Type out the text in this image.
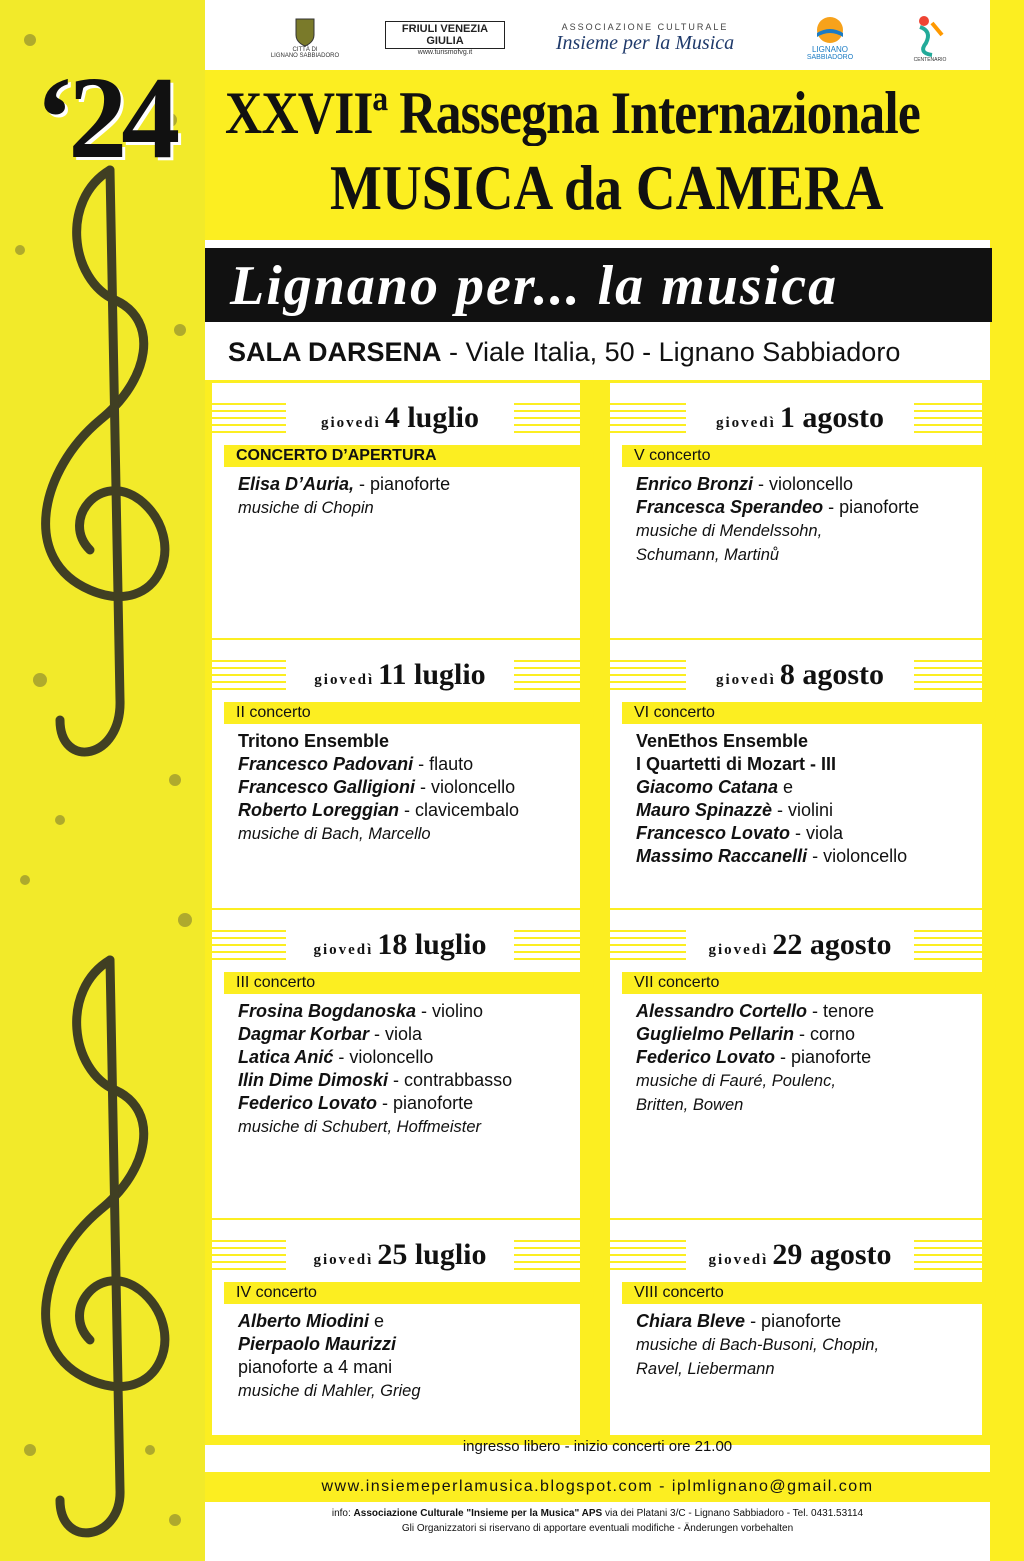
‘24
CITTÀ DI
LIGNANO SABBIADORO
FRIULI VENEZIA GIULIA
www.turismofvg.it
ASSOCIAZIONE CULTURALE
Insieme per la Musica	LIGNANO
SABBIADORO	CENTENARIO
XXVIIª Rassegna Internazionale
MUSICA da CAMERA
Lignano per... la musica
SALA DARSENA - Viale Italia, 50 - Lignano Sabbiadoro
giovedì 4 luglio
CONCERTO D’APERTURA
Elisa D’Auria, - pianoforte
musiche di Chopin
giovedì 11 luglio
II concerto
Tritono Ensemble
Francesco Padovani - flauto
Francesco Galligioni - violoncello
Roberto Loreggian - clavicembalo
musiche di Bach, Marcello
giovedì 18 luglio
III concerto
Frosina Bogdanoska - violino
Dagmar Korbar - viola
Latica Anić - violoncello
Ilin Dime Dimoski - contrabbasso
Federico Lovato - pianoforte
musiche di Schubert, Hoffmeister
giovedì 25 luglio
IV concerto
Alberto Miodini e
Pierpaolo Maurizzi
pianoforte a 4 mani
musiche di Mahler, Grieg
giovedì 1 agosto
V concerto
Enrico Bronzi - violoncello
Francesca Sperandeo - pianoforte
musiche di Mendelssohn,
Schumann, Martinů
giovedì 8 agosto
VI concerto
VenEthos Ensemble
I Quartetti di Mozart - III
Giacomo Catana e
Mauro Spinazzè - violini
Francesco Lovato - viola
Massimo Raccanelli - violoncello
giovedì 22 agosto
VII concerto
Alessandro Cortello - tenore
Guglielmo Pellarin - corno
Federico Lovato - pianoforte
musiche di Fauré, Poulenc,
Britten, Bowen
giovedì 29 agosto
VIII concerto
Chiara Bleve - pianoforte
musiche di Bach-Busoni, Chopin,
Ravel, Liebermann
ingresso libero - inizio concerti ore 21.00
www.insiemeperlamusica.blogspot.com - iplmlignano@gmail.com
info: Associazione Culturale "Insieme per la Musica" APS via dei Platani 3/C - Lignano Sabbiadoro - Tel. 0431.53114
Gli Organizzatori si riservano di apportare eventuali modifiche - Änderungen vorbehalten
